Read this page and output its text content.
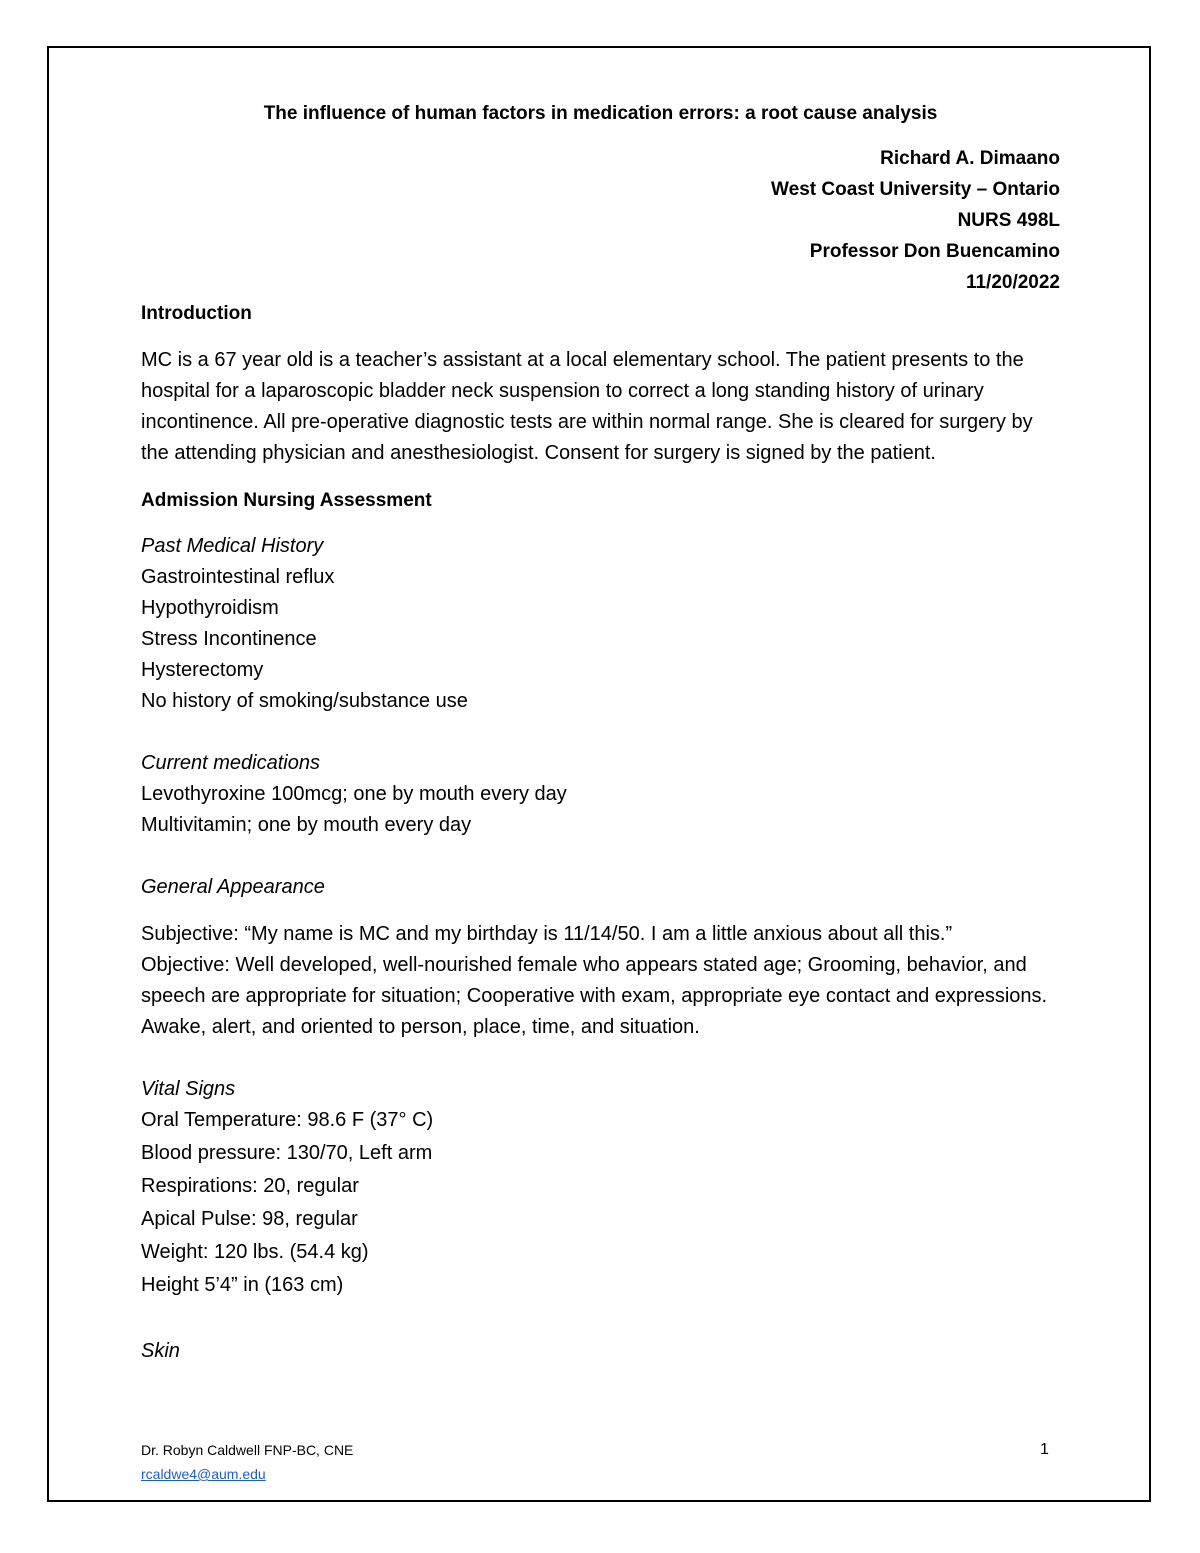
The influence of human factors in medication errors: a root cause analysis
Richard A. Dimaano
West Coast University – Ontario
NURS 498L
Professor Don Buencamino
11/20/2022
Introduction
MC is a 67 year old is a teacher’s assistant at a local elementary school. The patient presents to the hospital for a laparoscopic bladder neck suspension to correct a long standing history of urinary incontinence. All pre-operative diagnostic tests are within normal range. She is cleared for surgery by the attending physician and anesthesiologist. Consent for surgery is signed by the patient.
Admission Nursing Assessment
Past Medical History
Gastrointestinal reflux
Hypothyroidism
Stress Incontinence
Hysterectomy
No history of smoking/substance use
Current medications
Levothyroxine 100mcg; one by mouth every day
Multivitamin; one by mouth every day
General Appearance
Subjective: “My name is MC and my birthday is 11/14/50. I am a little anxious about all this.”
Objective: Well developed, well-nourished female who appears stated age; Grooming, behavior, and speech are appropriate for situation; Cooperative with exam, appropriate eye contact and expressions. Awake, alert, and oriented to person, place, time, and situation.
Vital Signs
Oral Temperature: 98.6 F (37° C)
Blood pressure: 130/70, Left arm
Respirations: 20, regular
Apical Pulse: 98, regular
Weight: 120 lbs. (54.4 kg)
Height 5’4” in (163 cm)
Skin
Dr. Robyn Caldwell FNP-BC, CNE
rcaldwe4@aum.edu
1
